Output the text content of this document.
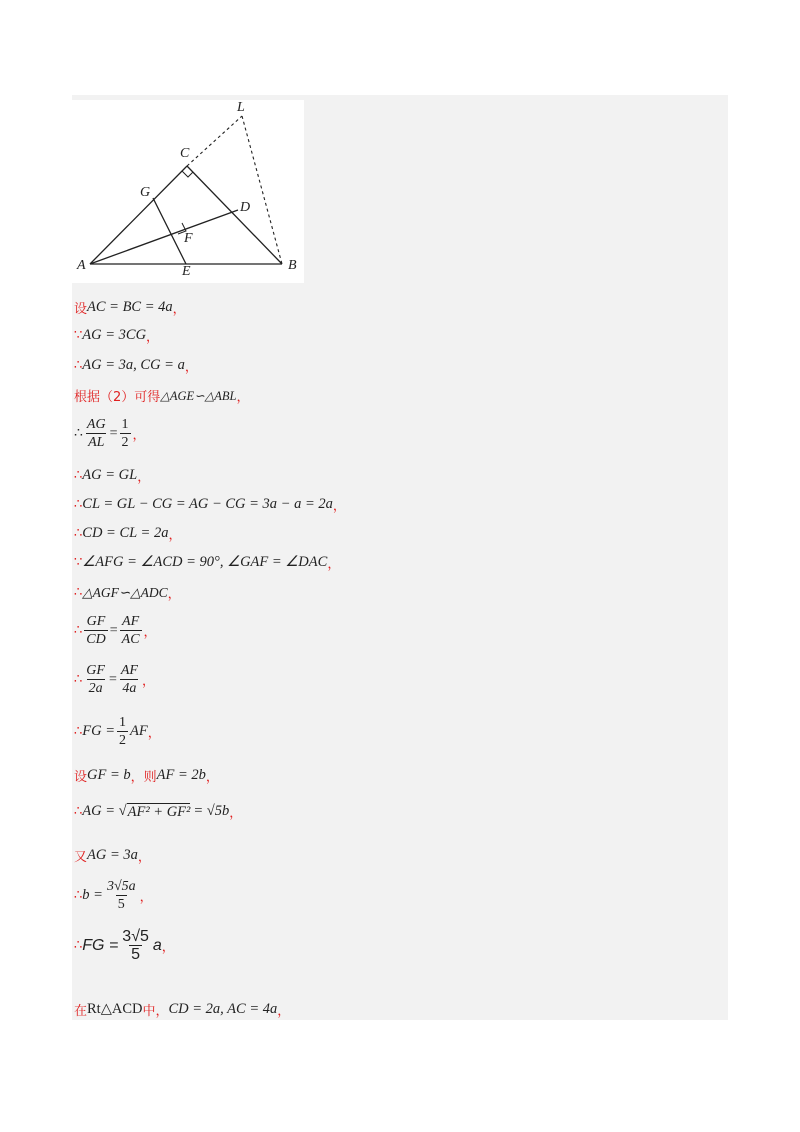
L
C
G
D
F
A	E	B
设 AC = BC = 4a ，
∵ AG = 3CG ，
∴ AG = 3a, CG = a ，
根据（2）可得 △AGE∽△ABL ，
∴ $\frac{AG}{AL} = \frac{1}{2}$ ，
∴ AG = GL ，
∴ CL = GL − CG = AG − CG = 3a − a = 2a ，
∴ CD = CL = 2a ，
∵ ∠AFG = ∠ACD = 90°, ∠GAF = ∠DAC ，
∴ △AGF∽△ADC ，
∴ $\frac{GF}{CD} = \frac{AF}{AC}$ ，
∴ $\frac{GF}{2a} = \frac{AF}{4a}$ ，
∴ FG = $\frac{1}{2}$ AF ，
设 GF = b ，则 AF = 2b ，
∴ AG = √ AF² + GF² = √5b ，
又 AG = 3a ，
∴ $b = \frac{3√5a}{5}$ ，
∴ FG = $\frac{3√5}{5}$ a ，
在 Rt△ACD 中， CD = 2a, AC = 4a ，
